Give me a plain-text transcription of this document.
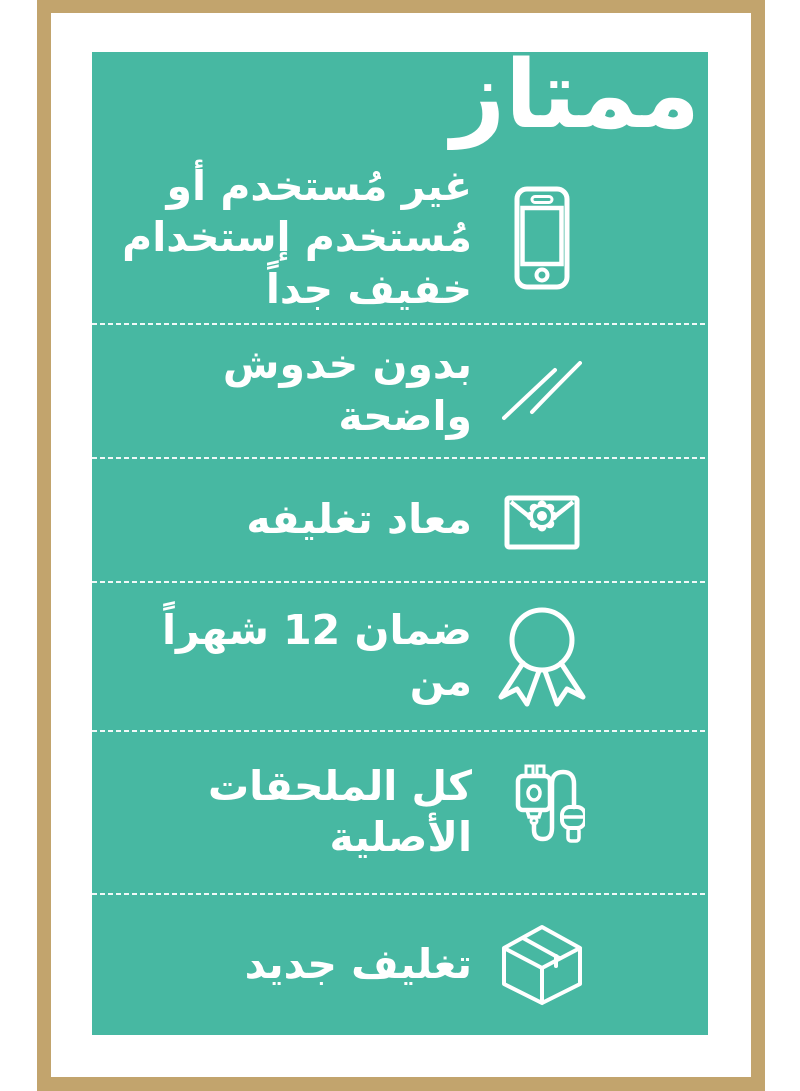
ممتاز
غير مُستخدم أو
مُستخدم إستخدام
خفيف جداً
بدون خدوش
واضحة
معاد تغليفه
ضمان 12 شهراً
من
كل الملحقات
الأصلية
تغليف جديد
